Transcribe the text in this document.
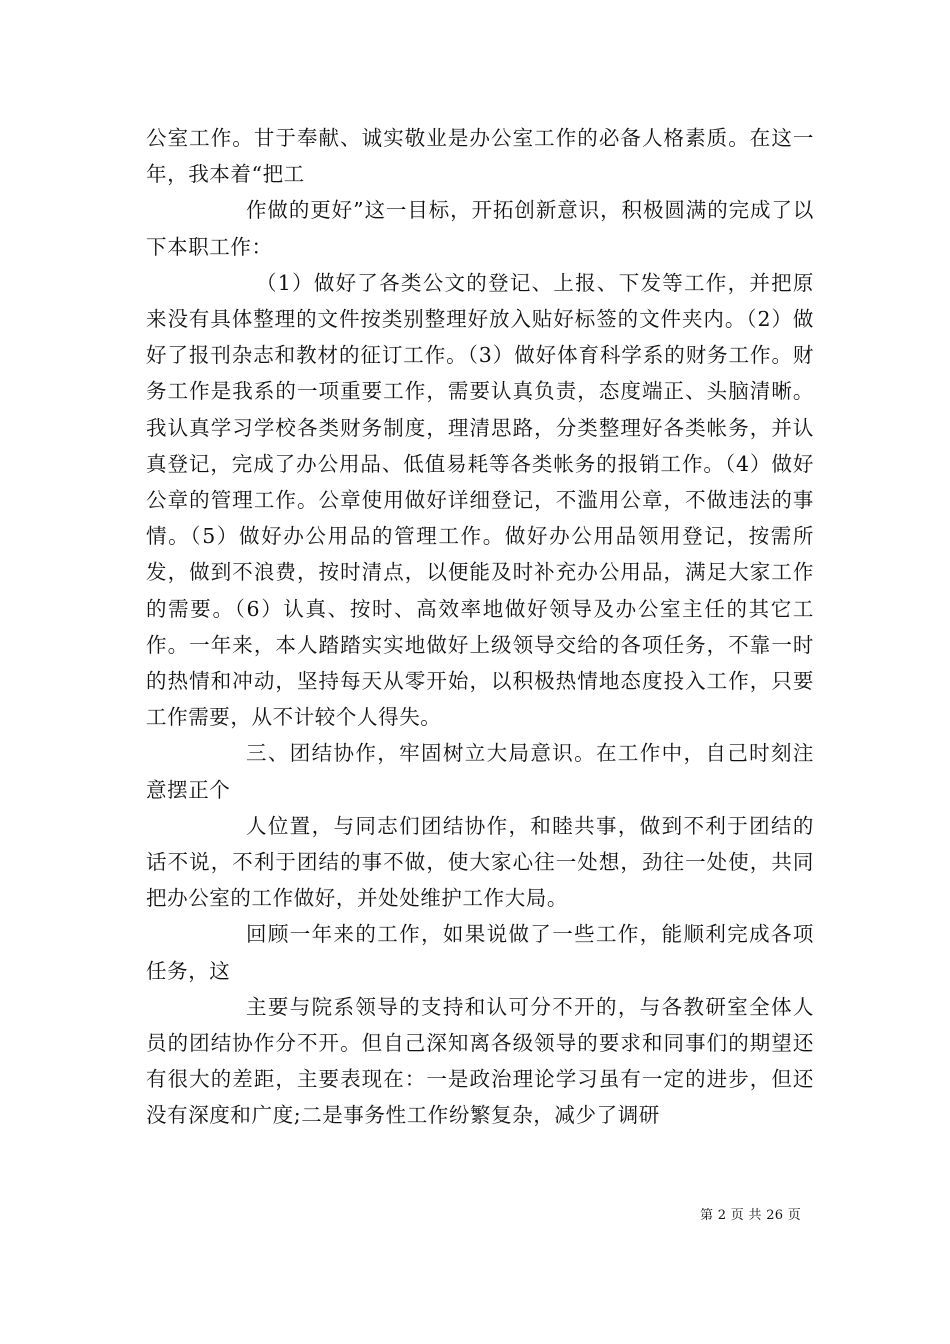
公室工作。甘于奉献、诚实敬业是办公室工作的必备人格素质。在这一年，我本着“把工

作做的更好”这一目标，开拓创新意识，积极圆满的完成了以下本职工作：

（1）做好了各类公文的登记、上报、下发等工作，并把原来没有具体整理的文件按类别整理好放入贴好标签的文件夹内。（2）做好了报刊杂志和教材的征订工作。（3）做好体育科学系的财务工作。财务工作是我系的一项重要工作，需要认真负责，态度端正、头脑清晰。我认真学习学校各类财务制度，理清思路，分类整理好各类帐务，并认真登记，完成了办公用品、低值易耗等各类帐务的报销工作。（4）做好公章的管理工作。公章使用做好详细登记，不滥用公章，不做违法的事情。（5）做好办公用品的管理工作。做好办公用品领用登记，按需所发，做到不浪费，按时清点，以便能及时补充办公用品，满足大家工作的需要。（6）认真、按时、高效率地做好领导及办公室主任的其它工作。一年来，本人踏踏实实地做好上级领导交给的各项任务，不靠一时的热情和冲动，坚持每天从零开始，以积极热情地态度投入工作，只要工作需要，从不计较个人得失。

三、团结协作，牢固树立大局意识。在工作中，自己时刻注意摆正个

人位置，与同志们团结协作，和睦共事，做到不利于团结的话不说，不利于团结的事不做，使大家心往一处想，劲往一处使，共同把办公室的工作做好，并处处维护工作大局。

回顾一年来的工作，如果说做了一些工作，能顺利完成各项任务，这

主要与院系领导的支持和认可分不开的，与各教研室全体人员的团结协作分不开。但自己深知离各级领导的要求和同事们的期望还有很大的差距，主要表现在：一是政治理论学习虽有一定的进步，但还没有深度和广度;二是事务性工作纷繁复杂，减少了调研

第 2 页 共 26 页
